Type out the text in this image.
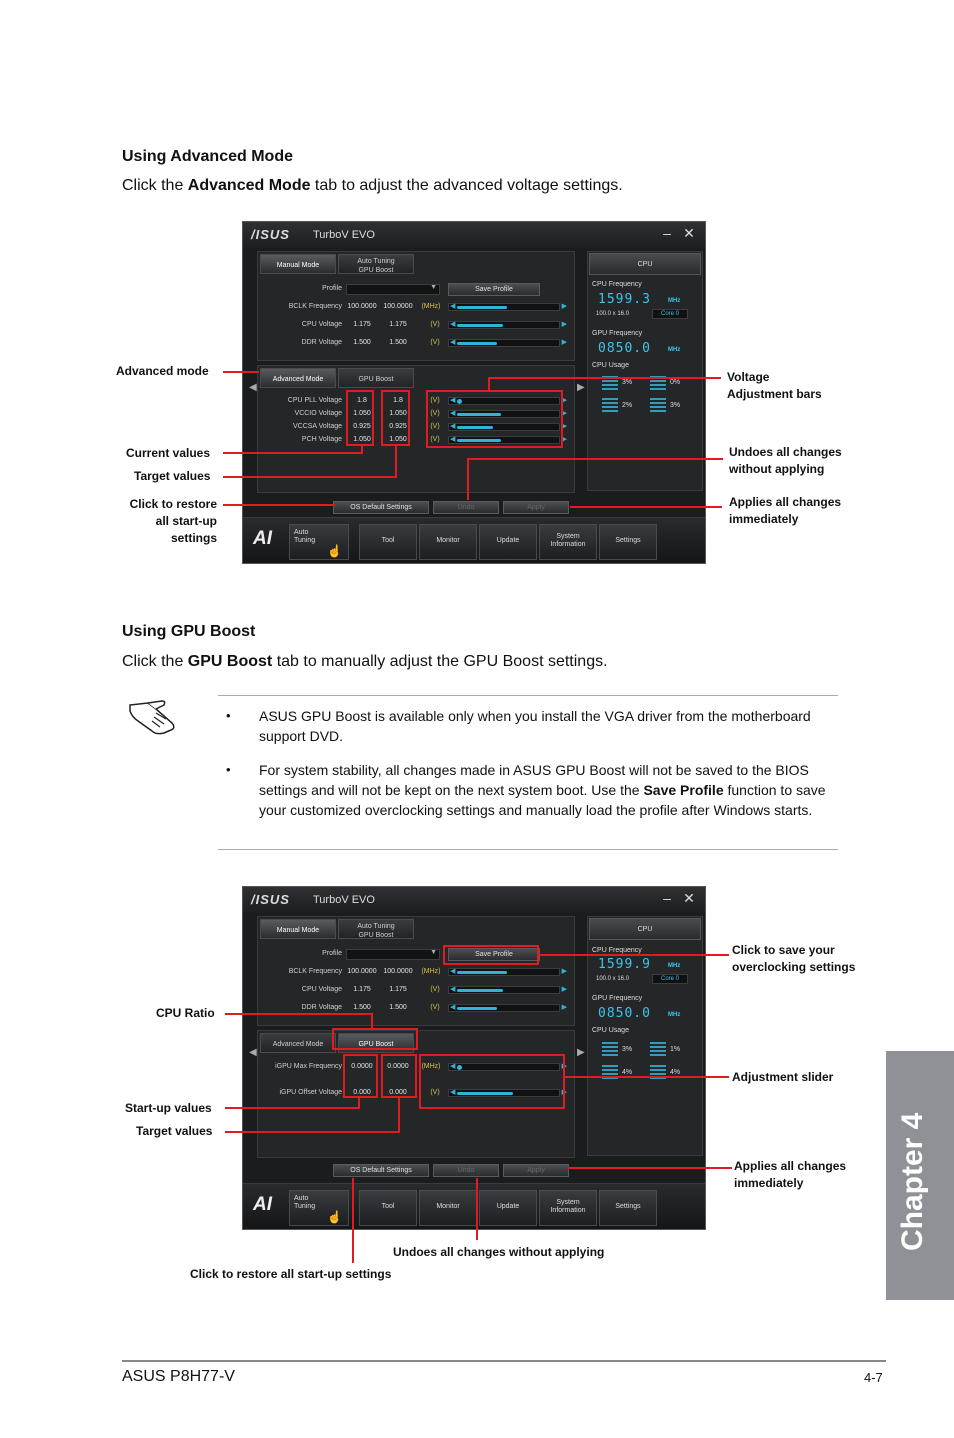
Using Advanced Mode
Click the Advanced Mode tab to adjust the advanced voltage settings.
/ISUS TurboV EVO	– ✕
◀	▶
Manual Mode
Auto Tuning
GPU Boost
Profile	▼	Save Profile
BCLK Frequency 100.0000 100.0000	(MHz) ◀	▶
CPU Voltage	1.175	1.175	(V)	◀	▶
DDR Voltage	1.500	1.500	(V)	◀	▶
Advanced Mode	GPU Boost
CPU PLL Voltage	1.8	1.8	(V)	◀	▶
VCCIO Voltage	1.050	1.050	(V)	◀	▶
VCCSA Voltage	0.925	0.925	(V)	◀	▶
PCH Voltage	1.050	1.050	(V)	◀	▶
OS Default Settings	Undo	Apply
CPU
CPU Frequency
1599.3	MHz
100.0 x 16.0	Core 0
GPU Frequency
0850.0	MHz
CPU Usage
3%	0%
2%	3%
AI	Auto
Tuning
☝
Tool	Monitor	Update
System
Information
Settings
Advanced mode
Current values
Target values
Click to restore
all start-up
settings
Voltage
Adjustment bars
Undoes all changes
without applying
Applies all changes
immediately
Using GPU Boost
Click the GPU Boost tab to manually adjust the GPU Boost settings.
• ASUS GPU Boost is available only when you install the VGA driver from the motherboard support DVD.
• For system stability, all changes made in ASUS GPU Boost will not be saved to the BIOS settings and will not be kept on the next system boot. Use the Save Profile function to save your customized overclocking settings and manually load the profile after Windows starts.
/ISUS TurboV EVO	– ✕
◀	▶
Manual Mode
Auto Tuning
GPU Boost
Profile	▼	Save Profile
BCLK Frequency 100.0000 100.0000	(MHz) ◀	▶
CPU Voltage	1.175	1.175	(V)	◀	▶
DDR Voltage	1.500	1.500	(V)	◀	▶
Advanced Mode	GPU Boost
iGPU Max Frequency	0.0000	0.0000	(MHz) ◀	▶
iGPU Offset Voltage	0.000	0.000	(V)	◀	▶
OS Default Settings	Undo	Apply
CPU
CPU Frequency
1599.9	MHz
100.0 x 16.0	Core 0
GPU Frequency
0850.0	MHz
CPU Usage
3%	1%
4%	4%
AI	Auto
Tuning
☝
Tool	Monitor	Update
System
Information
Settings
Click to save your
overclocking settings
CPU Ratio
Adjustment slider
Start-up values
Target values
Applies all changes
immediately
Undoes all changes without applying
Click to restore all start-up settings
Chapter 4
ASUS P8H77-V	4-7
